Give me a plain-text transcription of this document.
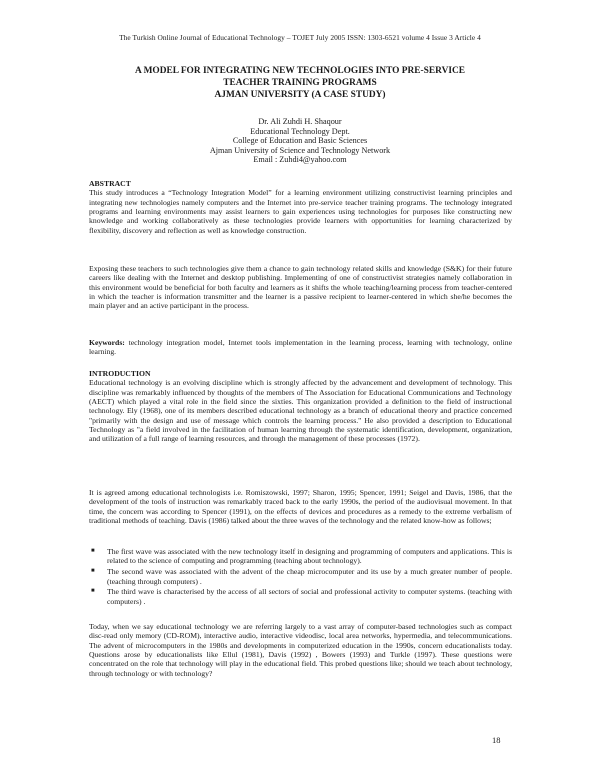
The Turkish Online Journal of Educational Technology – TOJET July 2005 ISSN: 1303-6521 volume 4 Issue 3 Article 4
A MODEL FOR INTEGRATING NEW TECHNOLOGIES INTO PRE-SERVICE
TEACHER TRAINING PROGRAMS
AJMAN UNIVERSITY (A CASE STUDY)
Dr. Ali Zuhdi H. Shaqour
Educational Technology Dept.
College of Education and Basic Sciences
Ajman University of Science and Technology Network
Email : Zuhdi4@yahoo.com
ABSTRACT
This study introduces a “Technology Integration Model” for a learning environment utilizing constructivist learning principles and integrating new technologies namely computers and the Internet into pre-service teacher training programs. The technology integrated programs and learning environments may assist learners to gain experiences using technologies for purposes like constructing new knowledge and working collaboratively as these technologies provide learners with opportunities for learning characterized by flexibility, discovery and reflection as well as knowledge construction.
Exposing these teachers to such technologies give them a chance to gain technology related skills and knowledge (S&K) for their future careers like dealing with the Internet and desktop publishing. Implementing of one of constructivist strategies namely collaboration in this environment would be beneficial for both faculty and learners as it shifts the whole teaching/learning process from teacher-centered in which the teacher is information transmitter and the learner is a passive recipient to learner-centered in which she/he becomes the main player and an active participant in the process.
Keywords: technology integration model, Internet tools implementation in the learning process, learning with technology, online learning.
INTRODUCTION
Educational technology is an evolving discipline which is strongly affected by the advancement and development of technology. This discipline was remarkably influenced by thoughts of the members of The Association for Educational Communications and Technology (AECT) which played a vital role in the field since the sixties. This organization provided a definition to the field of instructional technology. Ely (1968), one of its members described educational technology as a branch of educational theory and practice concerned "primarily with the design and use of message which controls the learning process." He also provided a description to Educational Technology as "a field involved in the facilitation of human learning through the systematic identification, development, organization, and utilization of a full range of learning resources, and through the management of these processes (1972).
It is agreed among educational technologists i.e. Romiszowski, 1997; Sharon, 1995; Spencer, 1991; Seigel and Davis, 1986, that the development of the tools of instruction was remarkably traced back to the early 1990s, the period of the audiovisual movement. In that time, the concern was according to Spencer (1991), on the effects of devices and procedures as a remedy to the extreme verbalism of traditional methods of teaching. Davis (1986) talked about the three waves of the technology and the related know-how as follows;
■ The first wave was associated with the new technology itself in designing and programming of computers and applications. This is related to the science of computing and programming (teaching about technology).
■ The second wave was associated with the advent of the cheap microcomputer and its use by a much greater number of people. (teaching through computers) .
■ The third wave is characterised by the access of all sectors of social and professional activity to computer systems. (teaching with computers) .
Today, when we say educational technology we are referring largely to a vast array of computer-based technologies such as compact disc-read only memory (CD-ROM), interactive audio, interactive videodisc, local area networks, hypermedia, and telecommunications. The advent of microcomputers in the 1980s and developments in computerized education in the 1990s, concern educationalists today. Questions arose by educationalists like Ellul (1981), Davis (1992) , Bowers (1993) and Turkle (1997). These questions were concentrated on the role that technology will play in the educational field. This probed questions like; should we teach about technology, through technology or with technology?
18
